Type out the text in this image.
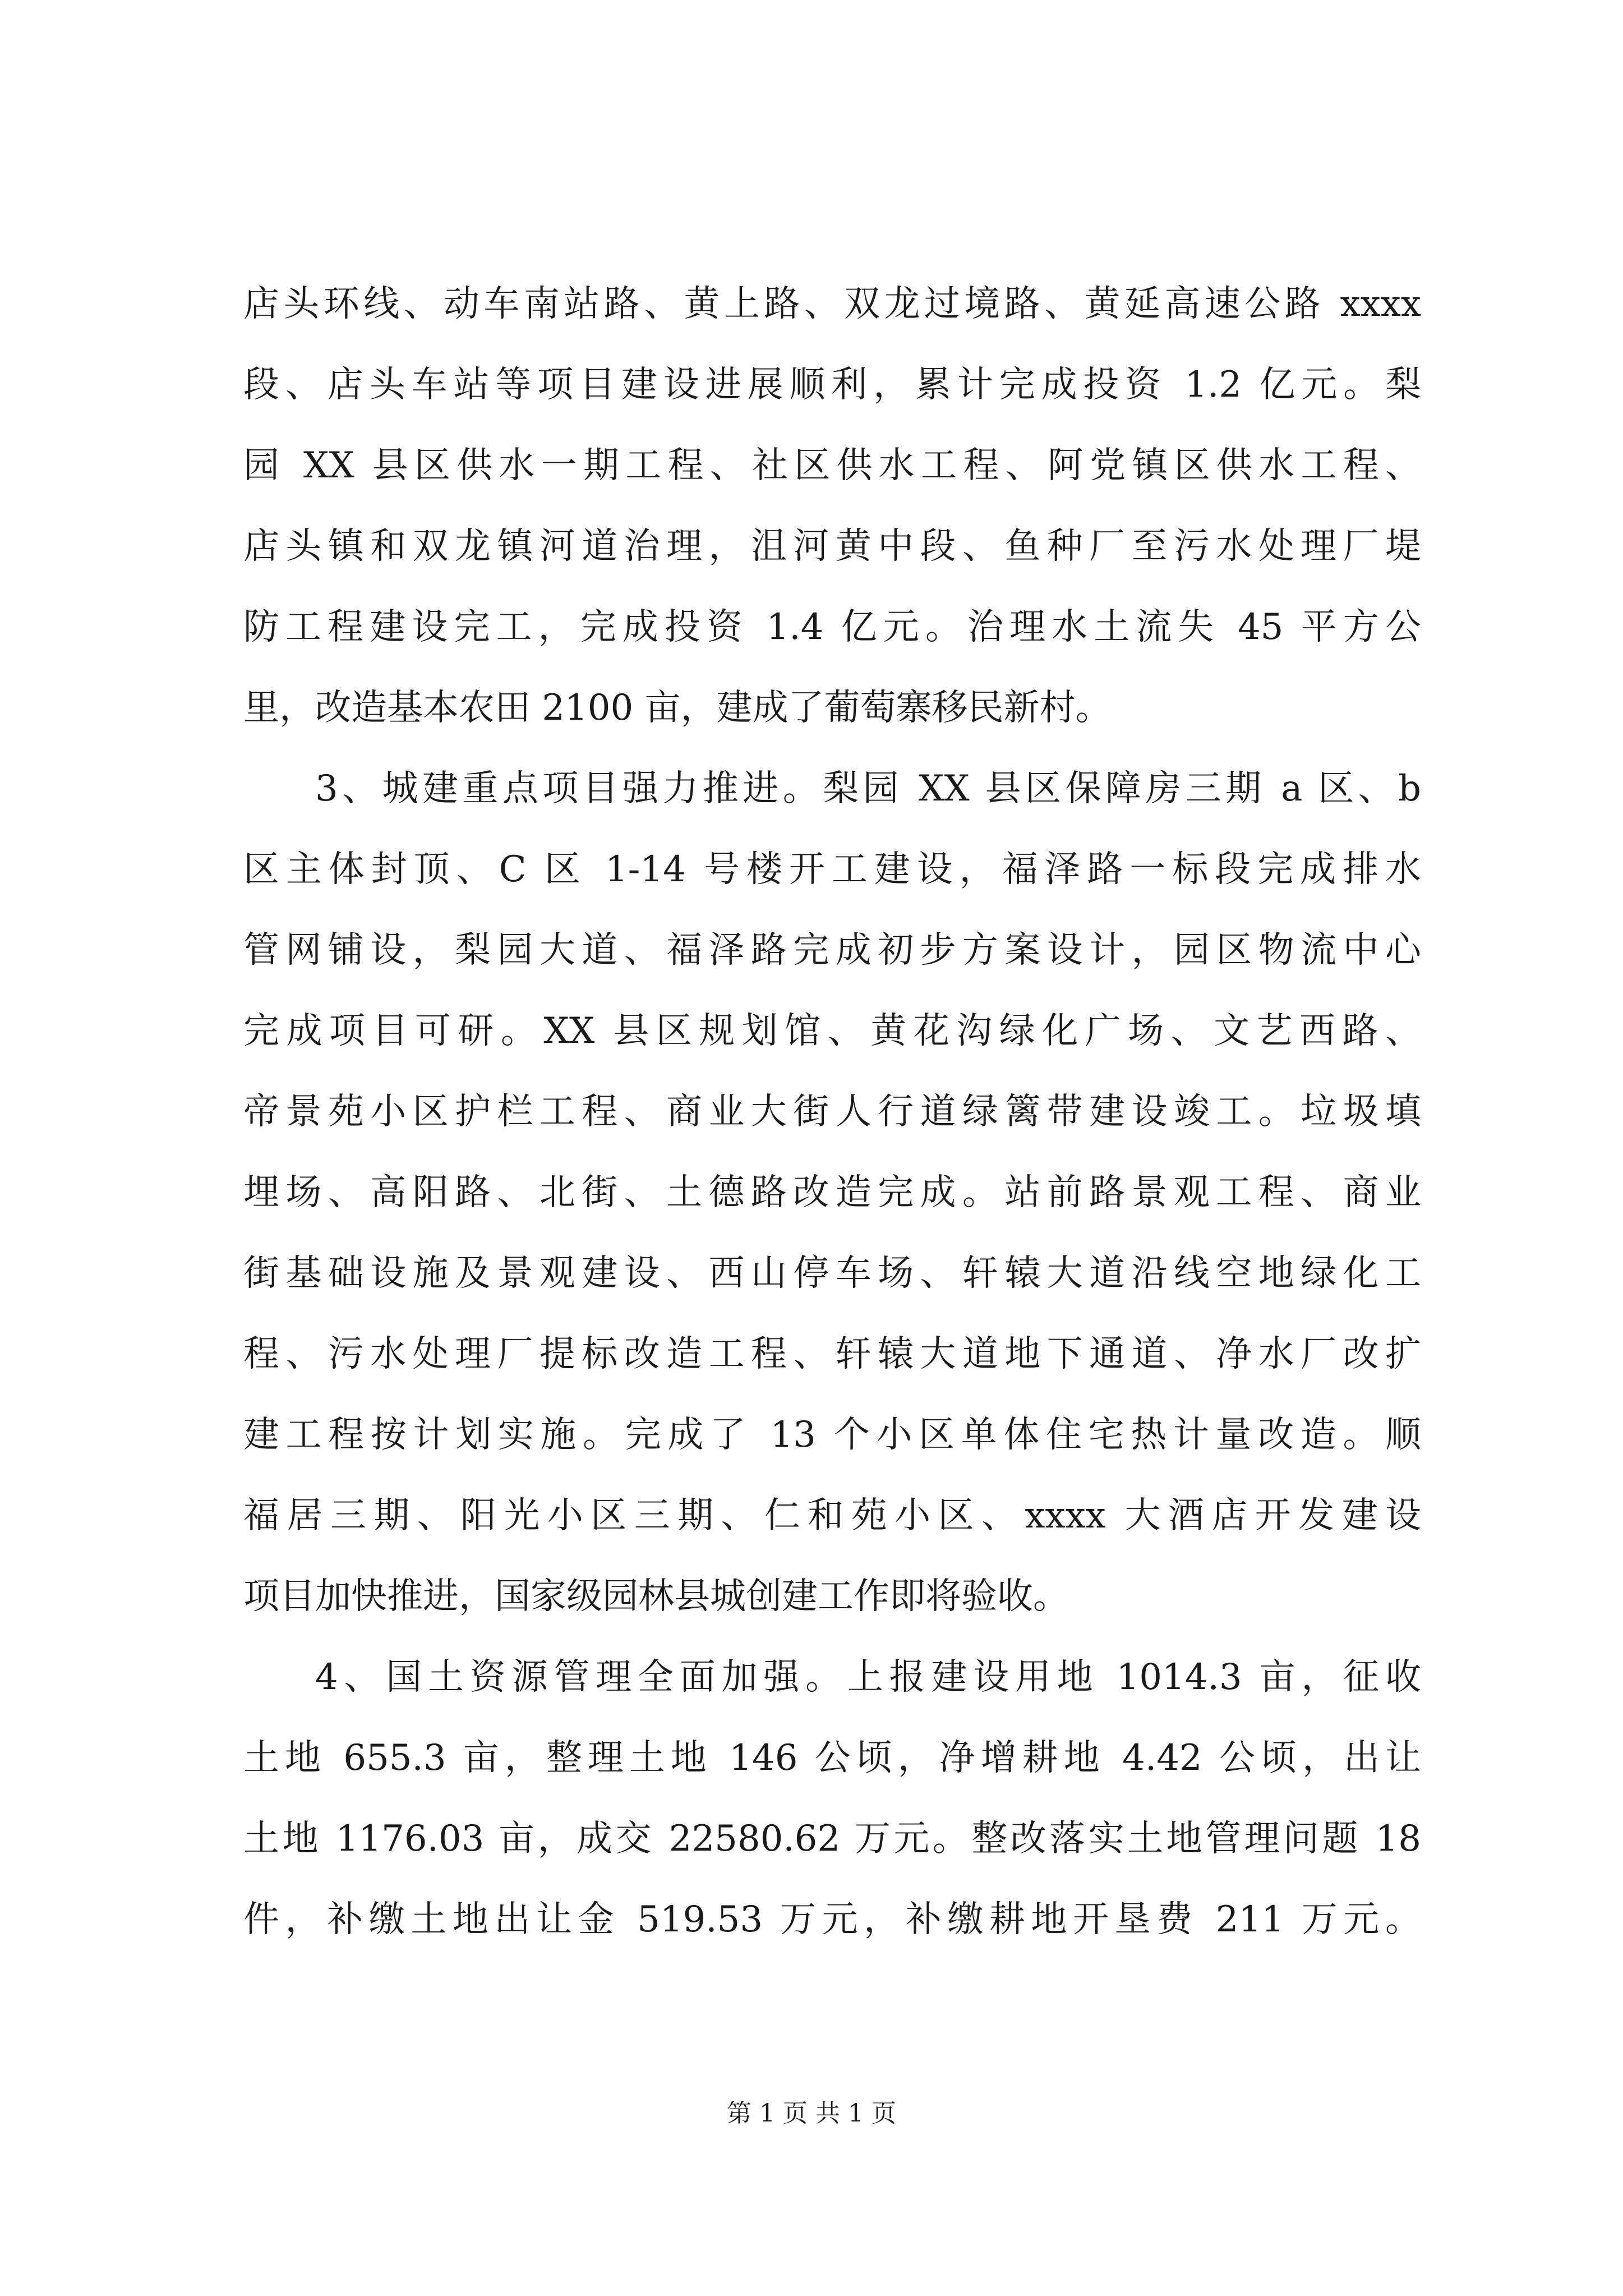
店头环线、动车南站路、黄上路、双龙过境路、黄延高速公路 xxxx
段、店头车站等项目建设进展顺利，累计完成投资 1.2 亿元。梨
园 XX 县区供水一期工程、社区供水工程、阿党镇区供水工程、
店头镇和双龙镇河道治理，沮河黄中段、鱼种厂至污水处理厂堤
防工程建设完工，完成投资 1.4 亿元。治理水土流失 45 平方公
里，改造基本农田 2100 亩，建成了葡萄寨移民新村。
3、城建重点项目强力推进。梨园 XX 县区保障房三期 a 区、b
区主体封顶、C 区 1-14 号楼开工建设，福泽路一标段完成排水
管网铺设，梨园大道、福泽路完成初步方案设计，园区物流中心
完成项目可研。XX 县区规划馆、黄花沟绿化广场、文艺西路、
帝景苑小区护栏工程、商业大街人行道绿篱带建设竣工。垃圾填
埋场、高阳路、北街、土德路改造完成。站前路景观工程、商业
街基础设施及景观建设、西山停车场、轩辕大道沿线空地绿化工
程、污水处理厂提标改造工程、轩辕大道地下通道、净水厂改扩
建工程按计划实施。完成了 13 个小区单体住宅热计量改造。顺
福居三期、阳光小区三期、仁和苑小区、xxxx 大酒店开发建设
项目加快推进，国家级园林县城创建工作即将验收。
4、国土资源管理全面加强。上报建设用地 1014.3 亩，征收
土地 655.3 亩，整理土地 146 公顷，净增耕地 4.42 公顷，出让
土地 1176.03 亩，成交 22580.62 万元。整改落实土地管理问题 18
件，补缴土地出让金 519.53 万元，补缴耕地开垦费 211 万元。
第 1 页 共 1 页
